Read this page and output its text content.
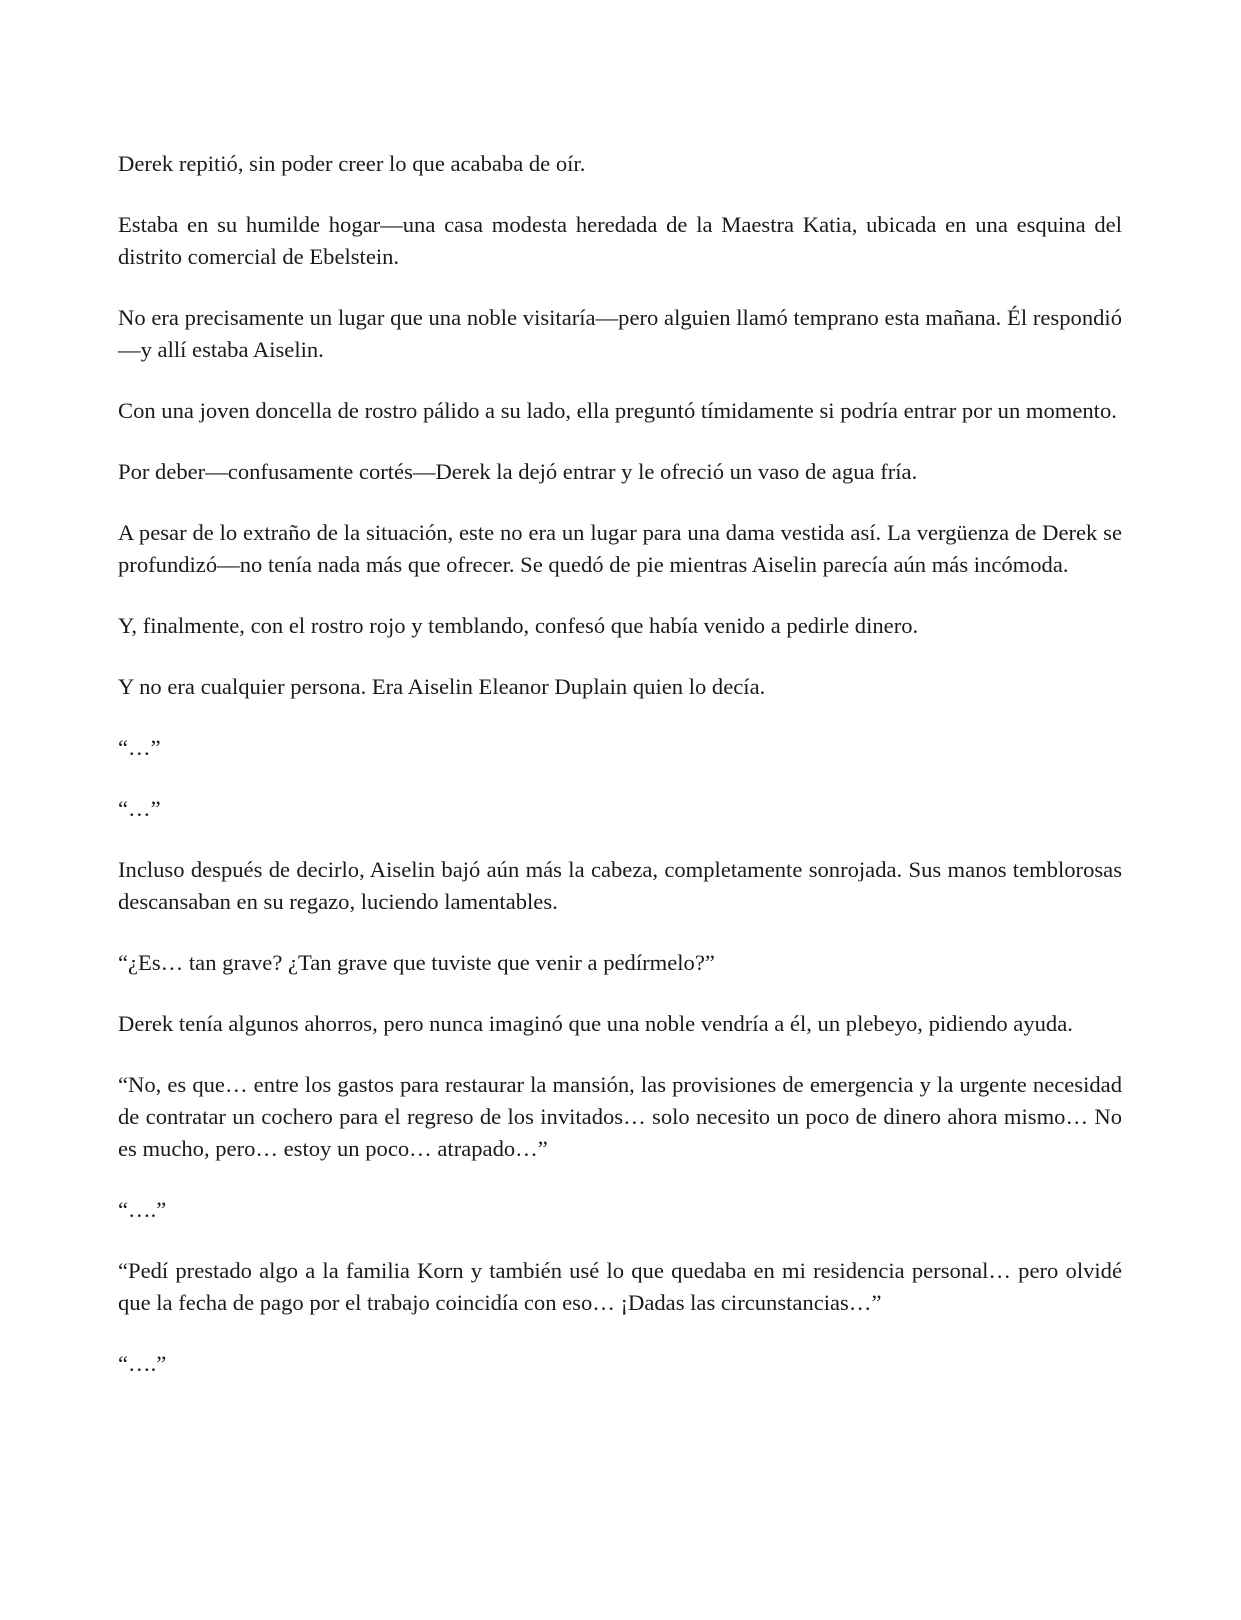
Derek repitió, sin poder creer lo que acababa de oír.

Estaba en su humilde hogar—una casa modesta heredada de la Maestra Katia, ubicada en una esquina del distrito comercial de Ebelstein.

No era precisamente un lugar que una noble visitaría—pero alguien llamó temprano esta mañana. Él respondió—y allí estaba Aiselin.

Con una joven doncella de rostro pálido a su lado, ella preguntó tímidamente si podría entrar por un momento.

Por deber—confusamente cortés—Derek la dejó entrar y le ofreció un vaso de agua fría.

A pesar de lo extraño de la situación, este no era un lugar para una dama vestida así. La vergüenza de Derek se profundizó—no tenía nada más que ofrecer. Se quedó de pie mientras Aiselin parecía aún más incómoda.

Y, finalmente, con el rostro rojo y temblando, confesó que había venido a pedirle dinero.

Y no era cualquier persona. Era Aiselin Eleanor Duplain quien lo decía.

“…”

“…”

Incluso después de decirlo, Aiselin bajó aún más la cabeza, completamente sonrojada. Sus manos temblorosas descansaban en su regazo, luciendo lamentables.

“¿Es… tan grave? ¿Tan grave que tuviste que venir a pedírmelo?”

Derek tenía algunos ahorros, pero nunca imaginó que una noble vendría a él, un plebeyo, pidiendo ayuda.

“No, es que… entre los gastos para restaurar la mansión, las provisiones de emergencia y la urgente necesidad de contratar un cochero para el regreso de los invitados… solo necesito un poco de dinero ahora mismo… No es mucho, pero… estoy un poco… atrapado…”

“….”

“Pedí prestado algo a la familia Korn y también usé lo que quedaba en mi residencia personal… pero olvidé que la fecha de pago por el trabajo coincidía con eso… ¡Dadas las circunstancias…”

“….”
